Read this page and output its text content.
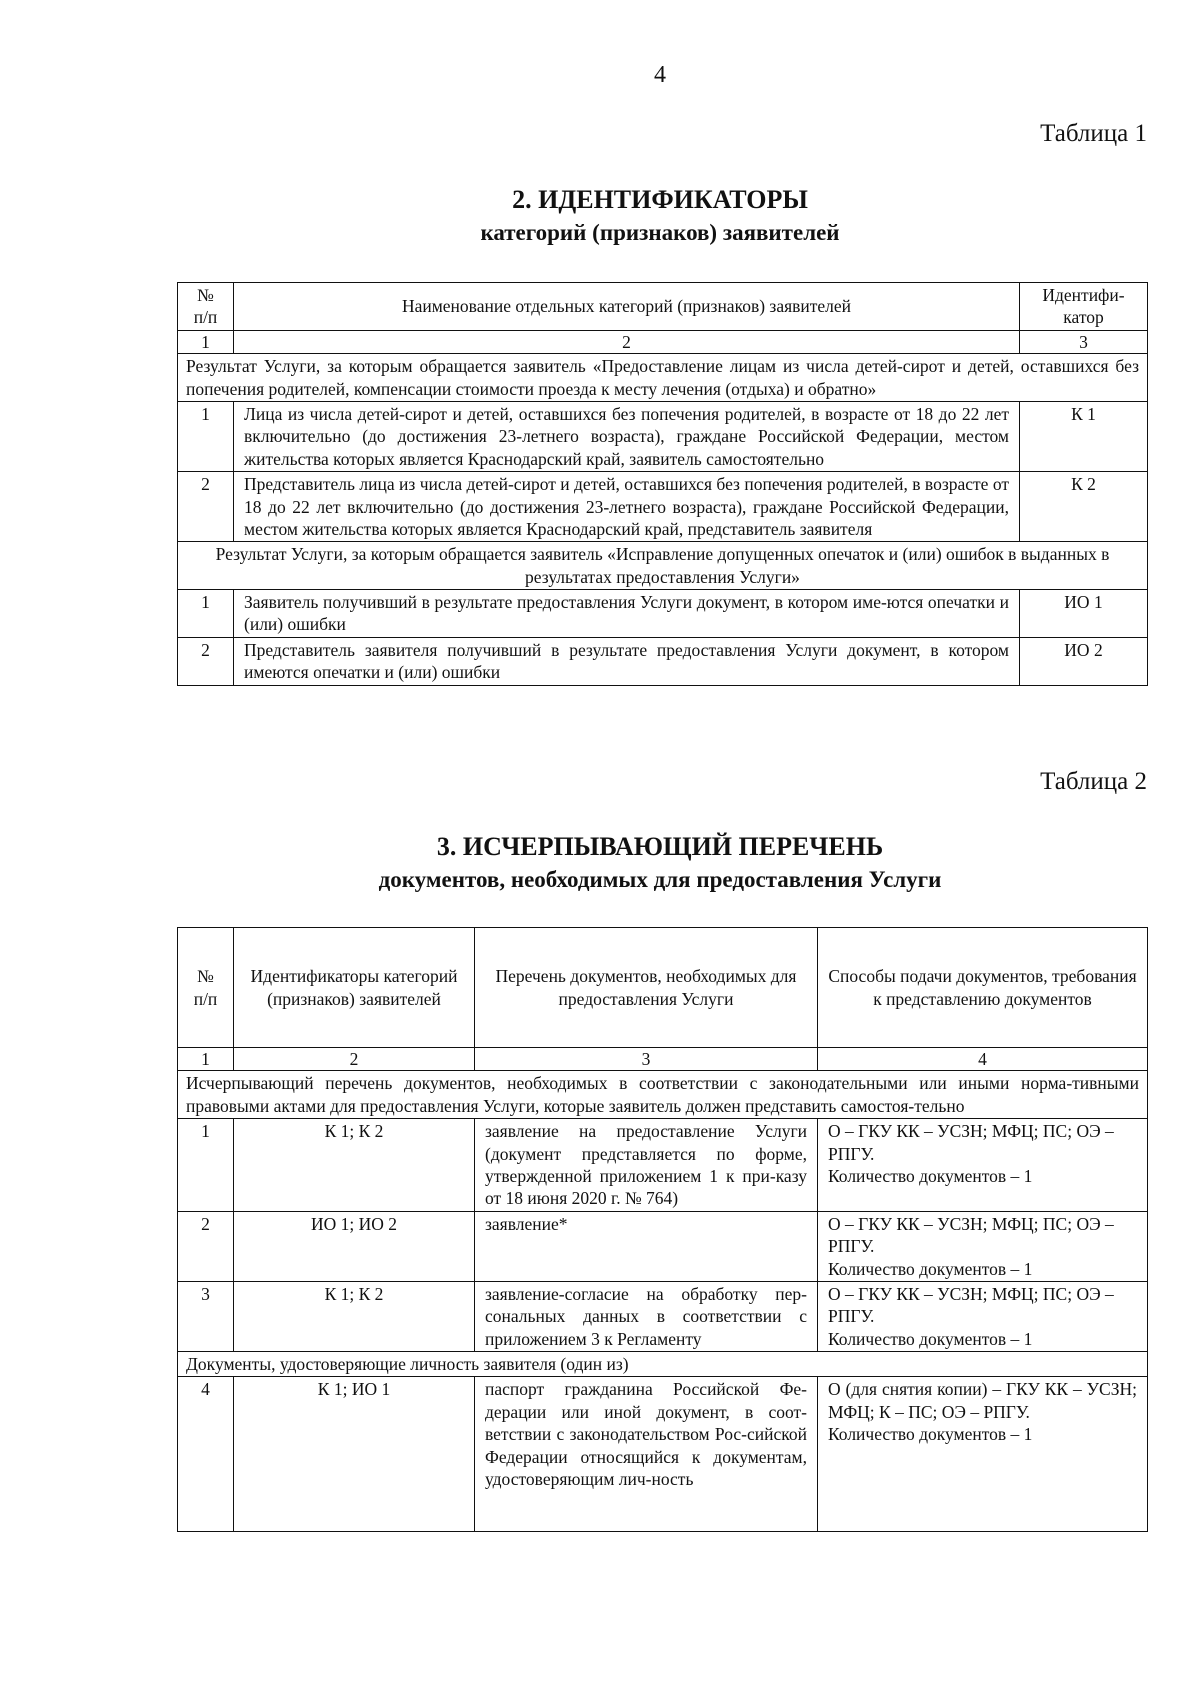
4
Таблица 1
2. ИДЕНТИФИКАТОРЫ
категорий (признаков) заявителей
№ п/п	Наименование отдельных категорий (признаков) заявителей	Идентифи-катор
1	2	3
Результат Услуги, за которым обращается заявитель «Предоставление лицам из числа детей-сирот и детей, оставшихся без попечения родителей, компенсации стоимости проезда к месту лечения (отдыха) и обратно»		
1	Лица из числа детей-сирот и детей, оставшихся без попечения родителей, в возрасте от 18 до 22 лет включительно (до достижения 23-летнего возраста), граждане Российской Федерации, местом жительства которых является Краснодарский край, заявитель самостоятельно	К 1
2	Представитель лица из числа детей-сирот и детей, оставшихся без попечения родителей, в возрасте от 18 до 22 лет включительно (до достижения 23-летнего возраста), граждане Российской Федерации, местом жительства которых является Краснодарский край, представитель заявителя	К 2
Результат Услуги, за которым обращается заявитель «Исправление допущенных опечаток и (или) ошибок в выданных в результатах предоставления Услуги»		
1	Заявитель получивший в результате предоставления Услуги документ, в котором име-ются опечатки и (или) ошибки	ИО 1
2	Представитель заявителя получивший в результате предоставления Услуги документ, в котором имеются опечатки и (или) ошибки	ИО 2
Таблица 2
3. ИСЧЕРПЫВАЮЩИЙ ПЕРЕЧЕНЬ
документов, необходимых для предоставления Услуги
№ п/п	Идентификаторы категорий (признаков) заявителей	Перечень документов, необходимых для предоставления Услуги	Способы подачи документов, требования к представлению документов
1	2	3	4
Исчерпывающий перечень документов, необходимых в соответствии с законодательными или иными норма-тивными правовыми актами для предоставления Услуги, которые заявитель должен представить самостоя-тельно			
1	К 1; К 2	заявление на предоставление Услуги (документ представляется по форме, утвержденной приложением 1 к при-казу от 18 июня 2020 г. № 764)	О – ГКУ КК – УСЗН; МФЦ; ПС; ОЭ – РПГУ.
Количество документов – 1

2	ИО 1; ИО 2	заявление*	О – ГКУ КК – УСЗН; МФЦ; ПС; ОЭ – РПГУ.
Количество документов – 1

3	К 1; К 2	заявление-согласие на обработку пер-сональных данных в соответствии с приложением 3 к Регламенту	О – ГКУ КК – УСЗН; МФЦ; ПС; ОЭ – РПГУ.
Количество документов – 1

Документы, удостоверяющие личность заявителя (один из)			
4	К 1; ИО 1	паспорт гражданина Российской Фе-дерации или иной документ, в соот-ветствии с законодательством Рос-сийской Федерации относящийся к документам, удостоверяющим лич-ность	О (для снятия копии) – ГКУ КК – УСЗН; МФЦ; К – ПС; ОЭ – РПГУ.
Количество документов – 1
